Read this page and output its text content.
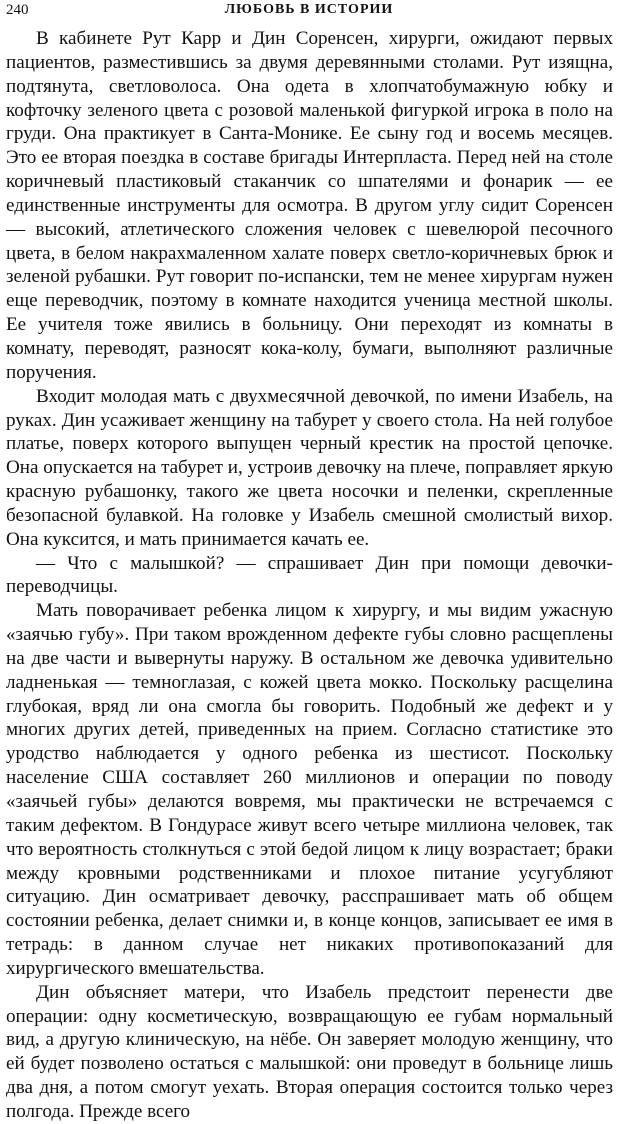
240	ЛЮБОВЬ В ИСТОРИИ

В кабинете Рут Карр и Дин Соренсен, хирурги, ожидают первых пациентов, разместившись за двумя деревянными столами. Рут изящна, подтянута, светловолоса. Она одета в хлопчатобумажную юбку и кофточку зеленого цвета с розовой маленькой фигуркой игрока в поло на груди. Она практикует в Санта-Монике. Ее сыну год и восемь месяцев. Это ее вторая поездка в составе бригады Интерпласта. Перед ней на столе коричневый пластиковый стаканчик со шпателями и фонарик — ее единственные инструменты для осмотра. В другом углу сидит Соренсен — высокий, атлетического сложения человек с шевелюрой песочного цвета, в белом накрахмаленном халате поверх светло-коричневых брюк и зеленой рубашки. Рут говорит по-испански, тем не менее хирургам нужен еще переводчик, поэтому в комнате находится ученица местной школы. Ее учителя тоже явились в больницу. Они переходят из комнаты в комнату, переводят, разносят кока-колу, бумаги, выполняют различные поручения.

Входит молодая мать с двухмесячной девочкой, по имени Изабель, на руках. Дин усаживает женщину на табурет у своего стола. На ней голубое платье, поверх которого выпущен черный крестик на простой цепочке. Она опускается на табурет и, устроив девочку на плече, поправляет яркую красную рубашонку, такого же цвета носочки и пеленки, скрепленные безопасной булавкой. На головке у Изабель смешной смолистый вихор. Она куксится, и мать принимается качать ее.

— Что с малышкой? — спрашивает Дин при помощи девочки-переводчицы.

Мать поворачивает ребенка лицом к хирургу, и мы видим ужасную «заячью губу». При таком врожденном дефекте губы словно расщеплены на две части и вывернуты наружу. В остальном же девочка удивительно ладненькая — темноглазая, с кожей цвета мокко. Поскольку расщелина глубокая, вряд ли она смогла бы говорить. Подобный же дефект и у многих других детей, приведенных на прием. Согласно статистике это уродство наблюдается у одного ребенка из шестисот. Поскольку население США составляет 260 миллионов и операции по поводу «заячьей губы» делаются вовремя, мы практически не встречаемся с таким дефектом. В Гондурасе живут всего четыре миллиона человек, так что вероятность столкнуться с этой бедой лицом к лицу возрастает; браки между кровными родственниками и плохое питание усугубляют ситуацию. Дин осматривает девочку, расспрашивает мать об общем состоянии ребенка, делает снимки и, в конце концов, записывает ее имя в тетрадь: в данном случае нет никаких противопоказаний для хирургического вмешательства.

Дин объясняет матери, что Изабель предстоит перенести две операции: одну косметическую, возвращающую ее губам нормальный вид, а другую клиническую, на нёбе. Он заверяет молодую женщину, что ей будет позволено остаться с малышкой: они проведут в больнице лишь два дня, а потом смогут уехать. Вторая операция состоится только через полгода. Прежде всего
